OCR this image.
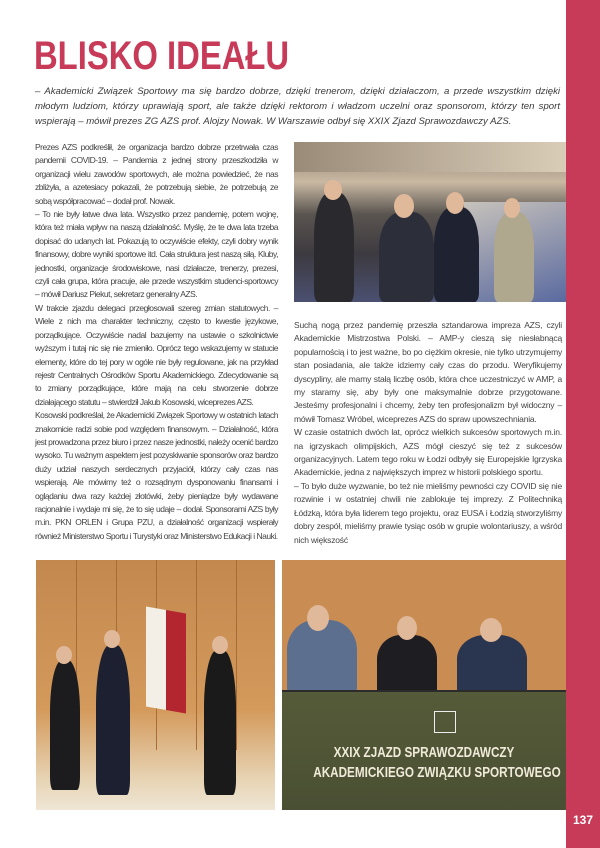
137
BLISKO IDEAŁU

– Akademicki Związek Sportowy ma się bardzo dobrze, dzięki trenerom, dzięki działaczom, a przede wszystkim dzięki młodym ludziom, którzy uprawiają sport, ale także dzięki rektorom i władzom uczelni oraz sponsorom, którzy ten sport wspierają – mówił prezes ZG AZS prof. Alojzy Nowak. W Warszawie odbył się XXIX Zjazd Sprawozdawczy AZS.

Prezes AZS podkreślił, że organizacja bardzo dobrze przetrwała czas pandemii COVID-19. – Pandemia z jednej strony przeszkodziła w organizacji wielu zawodów sportowych, ale można powiedzieć, że nas zbliżyła, a azetesiacy pokazali, że potrzebują siebie, że potrzebują ze sobą współpracować – dodał prof. Nowak.

– To nie były łatwe dwa lata. Wszystko przez pandemię, potem wojnę, która też miała wpływ na naszą działalność. Myślę, że te dwa lata trzeba dopisać do udanych lat. Pokazują to oczywiście efekty, czyli dobry wynik finansowy, dobre wyniki sportowe itd. Cała struktura jest naszą siłą. Kluby, jednostki, organizacje środowiskowe, nasi działacze, trenerzy, prezesi, czyli cała grupa, która pracuje, ale przede wszystkim studenci-sportowcy – mówił Dariusz Piekut, sekretarz generalny AZS.

W trakcie zjazdu delegaci przegłosowali szereg zmian statutowych. – Wiele z nich ma charakter techniczny, często to kwestie językowe, porządkujące. Oczywiście nadal bazujemy na ustawie o szkolnictwie wyższym i tutaj nic się nie zmieniło. Oprócz tego wskazujemy w statucie elementy, które do tej pory w ogóle nie były regulowane, jak na przykład rejestr Centralnych Ośrodków Sportu Akademickiego. Zdecydowanie są to zmiany porządkujące, które mają na celu stworzenie dobrze działającego statutu – stwierdził Jakub Kosowski, wiceprezes AZS.

Kosowski podkreślał, że Akademicki Związek Sportowy w ostatnich latach znakomicie radzi sobie pod względem finansowym. – Działalność, która jest prowadzona przez biuro i przez nasze jednostki, należy ocenić bardzo wysoko. Tu ważnym aspektem jest pozyskiwanie sponsorów oraz bardzo duży udział naszych serdecznych przyjaciół, którzy cały czas nas wspierają. Ale mówimy też o rozsądnym dysponowaniu finansami i oglądaniu dwa razy każdej złotówki, żeby pieniądze były wydawane racjonalnie i wydaje mi się, że to się udaje – dodał. Sponsorami AZS były m.in. PKN ORLEN i Grupa PZU, a działalność organizacji wspierały również Ministerstwo Sportu i Turystyki oraz Ministerstwo Edukacji i Nauki.

Suchą nogą przez pandemię przeszła sztandarowa impreza AZS, czyli Akademickie Mistrzostwa Polski. – AMP-y cieszą się niesłabnącą popularnością i to jest ważne, bo po ciężkim okresie, nie tylko utrzymujemy stan posiadania, ale także idziemy cały czas do przodu. Weryfikujemy dyscypliny, ale mamy stałą liczbę osób, która chce uczestniczyć w AMP, a my staramy się, aby były one maksymalnie dobrze przygotowane. Jesteśmy profesjonalni i chcemy, żeby ten profesjonalizm był widoczny – mówił Tomasz Wróbel, wiceprezes AZS do spraw upowszechniania.

W czasie ostatnich dwóch lat, oprócz wielkich sukcesów sportowych m.in. na igrzyskach olimpijskich, AZS mógł cieszyć się też z sukcesów organizacyjnych. Latem tego roku w Łodzi odbyły się Europejskie Igrzyska Akademickie, jedna z największych imprez w historii polskiego sportu.

– To było duże wyzwanie, bo też nie mieliśmy pewności czy COVID się nie rozwinie i w ostatniej chwili nie zablokuje tej imprezy. Z Politechniką Łódzką, która była liderem tego projektu, oraz EUSA i Łodzią stworzyliśmy dobry zespół, mieliśmy prawie tysiąc osób w grupie wolontariuszy, a wśród nich większość

XXIX ZJAZD SPRAWOZDAWCZY
AKADEMICKIEGO ZWIĄZKU SPORTOWEGO
